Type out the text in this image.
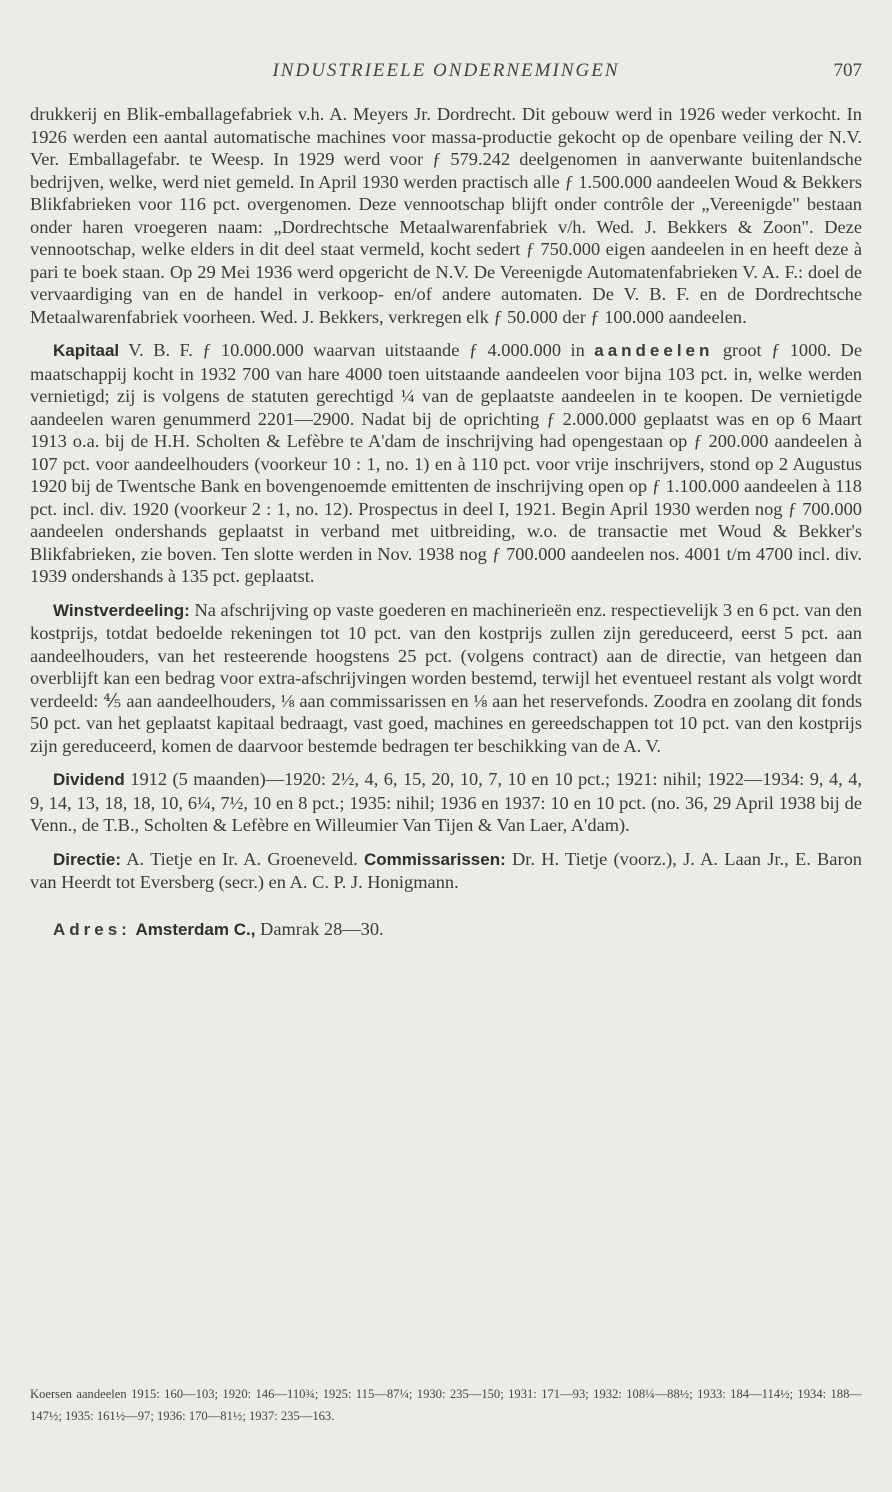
INDUSTRIEELE ONDERNEMINGEN	707

drukkerij en Blik-emballagefabriek v.h. A. Meyers Jr. Dordrecht. Dit gebouw werd in 1926 weder verkocht. In 1926 werden een aantal automatische machines voor massa-productie gekocht op de openbare veiling der N.V. Ver. Emballagefabr. te Weesp. In 1929 werd voor ƒ 579.242 deelgenomen in aanverwante buitenlandsche bedrijven, welke, werd niet gemeld. In April 1930 werden practisch alle ƒ 1.500.000 aandeelen Woud & Bekkers Blikfabrieken voor 116 pct. overgenomen. Deze vennootschap blijft onder contrôle der „Vereenigde" bestaan onder haren vroegeren naam: „Dordrechtsche Metaalwarenfabriek v/h. Wed. J. Bekkers & Zoon". Deze vennootschap, welke elders in dit deel staat vermeld, kocht sedert ƒ 750.000 eigen aandeelen in en heeft deze à pari te boek staan. Op 29 Mei 1936 werd opgericht de N.V. De Vereenigde Automatenfabrieken V. A. F.: doel de vervaardiging van en de handel in verkoop- en/of andere automaten. De V. B. F. en de Dordrechtsche Metaalwarenfabriek voorheen. Wed. J. Bekkers, verkregen elk ƒ 50.000 der ƒ 100.000 aandeelen.

Kapitaal V. B. F. ƒ 10.000.000 waarvan uitstaande ƒ 4.000.000 in aandeelen groot ƒ 1000. De maatschappij kocht in 1932 700 van hare 4000 toen uitstaande aandeelen voor bijna 103 pct. in, welke werden vernietigd; zij is volgens de statuten gerechtigd ¼ van de geplaatste aandeelen in te koopen. De vernietigde aandeelen waren genummerd 2201—2900. Nadat bij de oprichting ƒ 2.000.000 geplaatst was en op 6 Maart 1913 o.a. bij de H.H. Scholten & Lefèbre te A'dam de inschrijving had opengestaan op ƒ 200.000 aandeelen à 107 pct. voor aandeelhouders (voorkeur 10 : 1, no. 1) en à 110 pct. voor vrije inschrijvers, stond op 2 Augustus 1920 bij de Twentsche Bank en bovengenoemde emittenten de inschrijving open op ƒ 1.100.000 aandeelen à 118 pct. incl. div. 1920 (voorkeur 2 : 1, no. 12). Prospectus in deel I, 1921. Begin April 1930 werden nog ƒ 700.000 aandeelen ondershands geplaatst in verband met uitbreiding, w.o. de transactie met Woud & Bekker's Blikfabrieken, zie boven. Ten slotte werden in Nov. 1938 nog ƒ 700.000 aandeelen nos. 4001 t/m 4700 incl. div. 1939 ondershands à 135 pct. geplaatst.

Winstverdeeling: Na afschrijving op vaste goederen en machinerieën enz. respectievelijk 3 en 6 pct. van den kostprijs, totdat bedoelde rekeningen tot 10 pct. van den kostprijs zullen zijn gereduceerd, eerst 5 pct. aan aandeelhouders, van het resteerende hoogstens 25 pct. (volgens contract) aan de directie, van hetgeen dan overblijft kan een bedrag voor extra-afschrijvingen worden bestemd, terwijl het eventueel restant als volgt wordt verdeeld: ⅘ aan aandeelhouders, ⅛ aan commissarissen en ⅛ aan het reservefonds. Zoodra en zoolang dit fonds 50 pct. van het geplaatst kapitaal bedraagt, vast goed, machines en gereedschappen tot 10 pct. van den kostprijs zijn gereduceerd, komen de daarvoor bestemde bedragen ter beschikking van de A. V.

Dividend 1912 (5 maanden)—1920: 2½, 4, 6, 15, 20, 10, 7, 10 en 10 pct.; 1921: nihil; 1922—1934: 9, 4, 4, 9, 14, 13, 18, 18, 10, 6¼, 7½, 10 en 8 pct.; 1935: nihil; 1936 en 1937: 10 en 10 pct. (no. 36, 29 April 1938 bij de Venn., de T.B., Scholten & Lefèbre en Willeumier Van Tijen & Van Laer, A'dam).

Directie: A. Tietje en Ir. A. Groeneveld. Commissarissen: Dr. H. Tietje (voorz.), J. A. Laan Jr., E. Baron van Heerdt tot Eversberg (secr.) en A. C. P. J. Honigmann.

Adres: Amsterdam C., Damrak 28—30.

Koersen aandeelen 1915: 160—103; 1920: 146—110¾; 1925: 115—87¼; 1930: 235—150; 1931: 171—93; 1932: 108¼—88½; 1933: 184—114½; 1934: 188—147½; 1935: 161½—97; 1936: 170—81½; 1937: 235—163.
